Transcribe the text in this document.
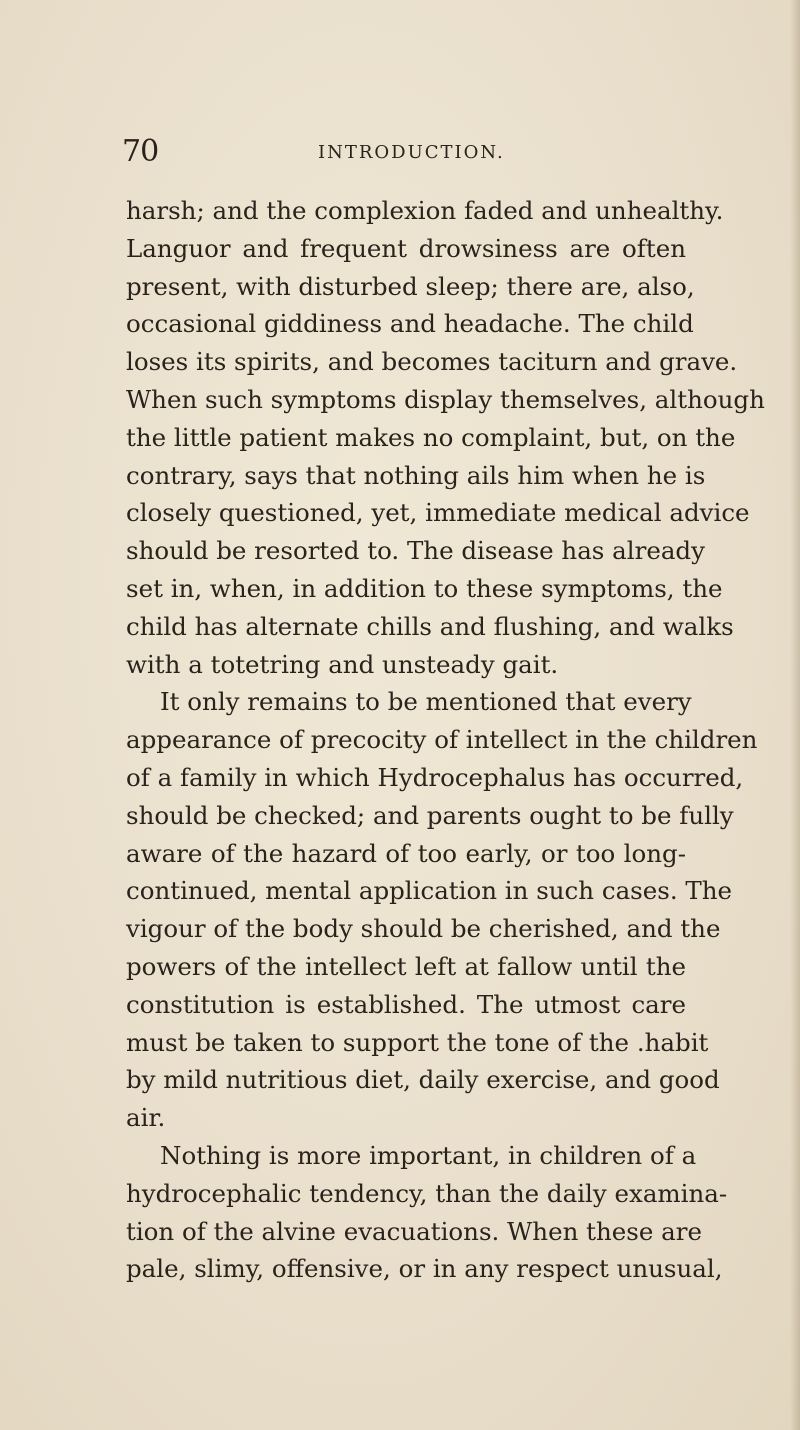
70	INTRODUCTION.
harsh; and the complexion faded and unhealthy.
Languor and frequent drowsiness are often
present, with disturbed sleep; there are, also,
occasional giddiness and headache. The child
loses its spirits, and becomes taciturn and grave.
When such symptoms display themselves, although
the little patient makes no complaint, but, on the
contrary, says that nothing ails him when he is
closely questioned, yet, immediate medical advice
should be resorted to. The disease has already
set in, when, in addition to these symptoms, the
child has alternate chills and flushing, and walks
with a totetring and unsteady gait.
It only remains to be mentioned that every
appearance of precocity of intellect in the children
of a family in which Hydrocephalus has occurred,
should be checked; and parents ought to be fully
aware of the hazard of too early, or too long-
continued, mental application in such cases. The
vigour of the body should be cherished, and the
powers of the intellect left at fallow until the
constitution is established. The utmost care
must be taken to support the tone of the .habit
by mild nutritious diet, daily exercise, and good
air.
Nothing is more important, in children of a
hydrocephalic tendency, than the daily examina-
tion of the alvine evacuations. When these are
pale, slimy, offensive, or in any respect unusual,
